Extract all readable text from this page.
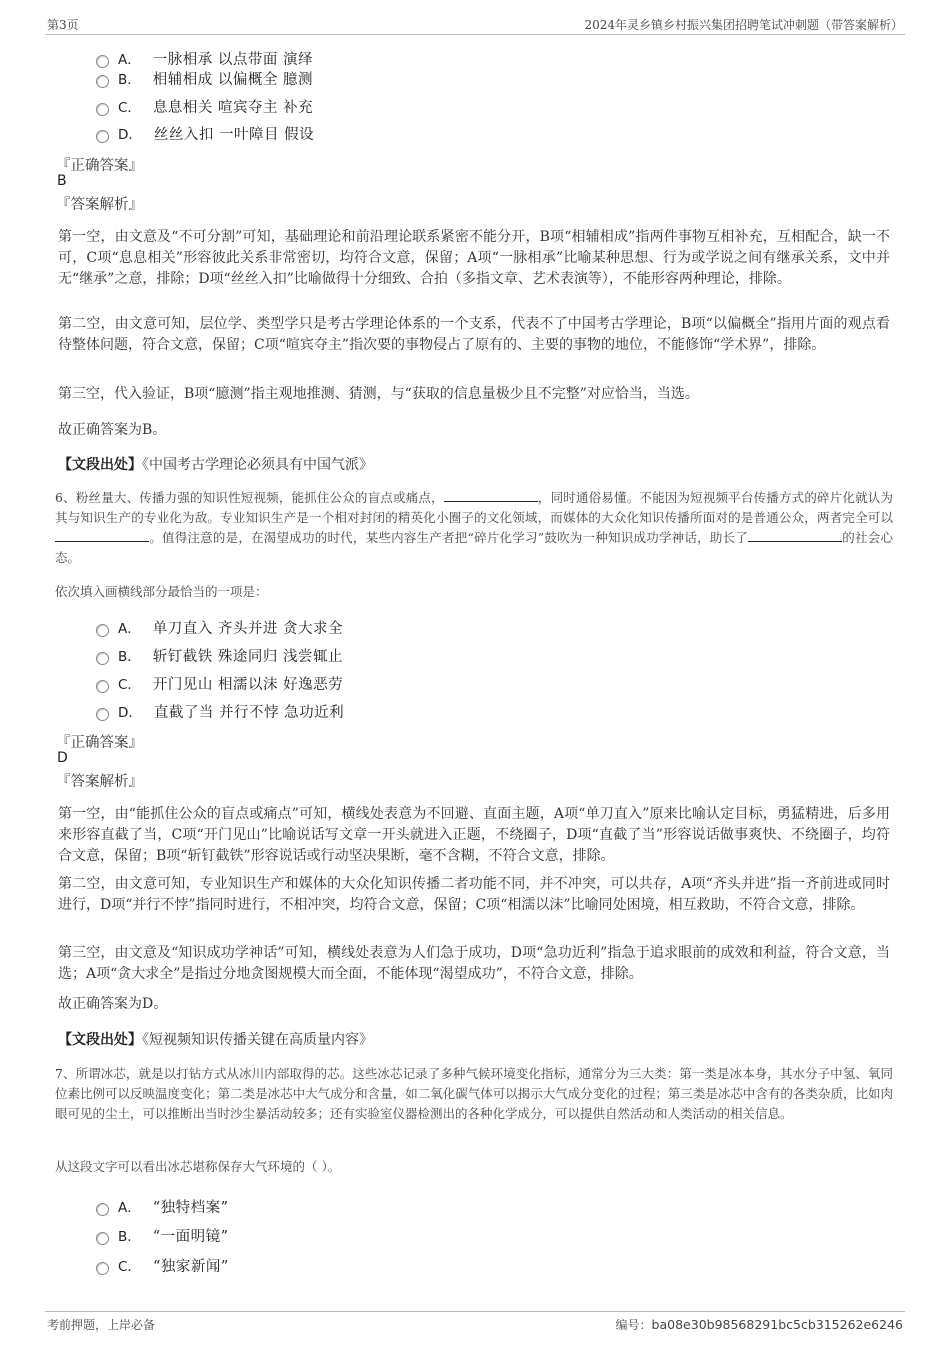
第3页	2024年灵乡镇乡村振兴集团招聘笔试冲刺题（带答案解析）
A． 一脉相承 以点带面 演绎
B． 相辅相成 以偏概全 臆测
C． 息息相关 喧宾夺主 补充
D． 丝丝入扣 一叶障目 假设
『正确答案』
B
『答案解析』
第一空，由文意及“不可分割”可知，基础理论和前沿理论联系紧密不能分开，B项“相辅相成”指两件事物互相补充，互相配合，缺一不可，C项“息息相关”形容彼此关系非常密切，均符合文意，保留；A项“一脉相承”比喻某种思想、行为或学说之间有继承关系，文中并无“继承”之意，排除；D项“丝丝入扣”比喻做得十分细致、合拍（多指文章、艺术表演等），不能形容两种理论，排除。
第二空，由文意可知，层位学、类型学只是考古学理论体系的一个支系，代表不了中国考古学理论，B项“以偏概全”指用片面的观点看待整体问题，符合文意，保留；C项“喧宾夺主”指次要的事物侵占了原有的、主要的事物的地位，不能修饰“学术界”，排除。
第三空，代入验证，B项“臆测”指主观地推测、猜测，与“获取的信息量极少且不完整”对应恰当，当选。
故正确答案为B。
【文段出处】《中国考古学理论必须具有中国气派》
6、粉丝量大、传播力强的知识性短视频，能抓住公众的盲点或痛点，	，同时通俗易懂。不能因为短视频平台传播方式的碎片化就认为其与知识生产的专业化为敌。专业知识生产是一个相对封闭的精英化小圈子的文化领域，而媒体的大众化知识传播所面对的是普通公众，两者完全可以。值得注意的是，在渴望成功的时代，某些内容生产者把“碎片化学习”鼓吹为一种知识成功学神话，助长了	的社会心态。
依次填入画横线部分最恰当的一项是：
A． 单刀直入 齐头并进 贪大求全
B． 斩钉截铁 殊途同归 浅尝辄止
C． 开门见山 相濡以沫 好逸恶劳
D． 直截了当 并行不悖 急功近利
『正确答案』
D
『答案解析』
第一空，由“能抓住公众的盲点或痛点”可知，横线处表意为不回避、直面主题，A项“单刀直入”原来比喻认定目标，勇猛精进，后多用来形容直截了当，C项“开门见山”比喻说话写文章一开头就进入正题，不绕圈子，D项“直截了当”形容说话做事爽快、不绕圈子，均符合文意，保留；B项“斩钉截铁”形容说话或行动坚决果断，毫不含糊，不符合文意，排除。
第二空，由文意可知，专业知识生产和媒体的大众化知识传播二者功能不同，并不冲突，可以共存，A项“齐头并进”指一齐前进或同时进行，D项“并行不悖”指同时进行，不相冲突，均符合文意，保留；C项“相濡以沫”比喻同处困境，相互救助，不符合文意，排除。
第三空，由文意及“知识成功学神话”可知，横线处表意为人们急于成功，D项“急功近利”指急于追求眼前的成效和利益，符合文意，当选；A项“贪大求全”是指过分地贪图规模大而全面，不能体现“渴望成功”，不符合文意，排除。
故正确答案为D。
【文段出处】《短视频知识传播关键在高质量内容》
7、所谓冰芯，就是以打钻方式从冰川内部取得的芯。这些冰芯记录了多种气候环境变化指标，通常分为三大类：第一类是冰本身，其水分子中氢、氧同位素比例可以反映温度变化；第二类是冰芯中大气成分和含量，如二氧化碳气体可以揭示大气成分变化的过程；第三类是冰芯中含有的各类杂质，比如肉眼可见的尘土，可以推断出当时沙尘暴活动较多；还有实验室仪器检测出的各种化学成分，可以提供自然活动和人类活动的相关信息。
从这段文字可以看出冰芯堪称保存大气环境的（ ）。
A． “独特档案”
B． “一面明镜”
C． “独家新闻”
考前押题，上岸必备	编号：ba08e30b98568291bc5cb315262e6246
